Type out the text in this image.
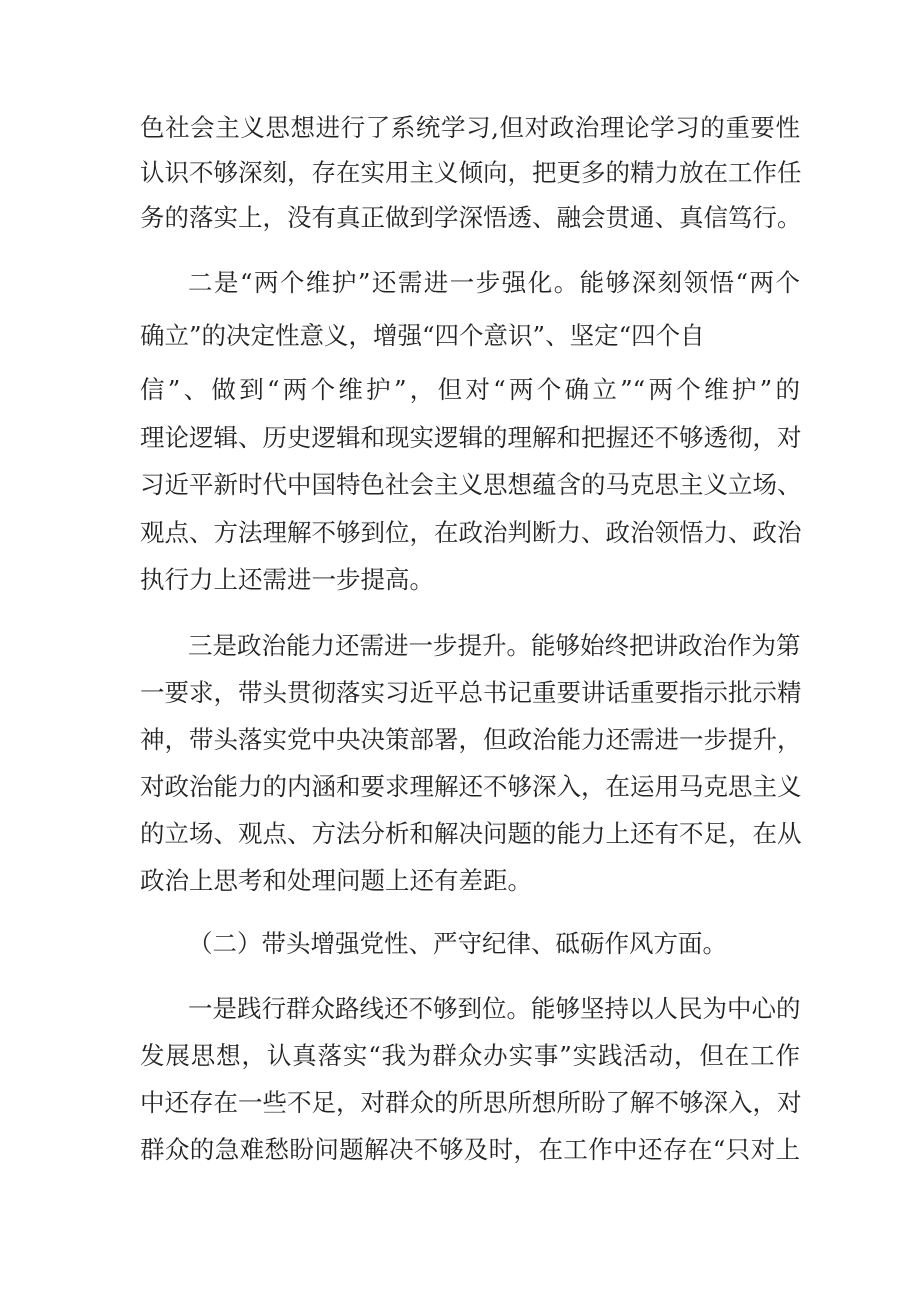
色社会主义思想进行了系统学习,但对政治理论学习的重要性

认识不够深刻，存在实用主义倾向，把更多的精力放在工作任

务的落实上，没有真正做到学深悟透、融会贯通、真信笃行。

二是“两个维护”还需进一步强化。能够深刻领悟“两个

确立”的决定性意义，增强“四个意识”、坚定“四个自

信”、做到“两个维护”，但对“两个确立”“两个维护”的

理论逻辑、历史逻辑和现实逻辑的理解和把握还不够透彻，对

习近平新时代中国特色社会主义思想蕴含的马克思主义立场、

观点、方法理解不够到位，在政治判断力、政治领悟力、政治

执行力上还需进一步提高。

三是政治能力还需进一步提升。能够始终把讲政治作为第

一要求，带头贯彻落实习近平总书记重要讲话重要指示批示精

神，带头落实党中央决策部署，但政治能力还需进一步提升，

对政治能力的内涵和要求理解还不够深入，在运用马克思主义

的立场、观点、方法分析和解决问题的能力上还有不足，在从

政治上思考和处理问题上还有差距。

（二）带头增强党性、严守纪律、砥砺作风方面。

一是践行群众路线还不够到位。能够坚持以人民为中心的

发展思想，认真落实“我为群众办实事”实践活动，但在工作

中还存在一些不足，对群众的所思所想所盼了解不够深入，对

群众的急难愁盼问题解决不够及时，在工作中还存在“只对上
